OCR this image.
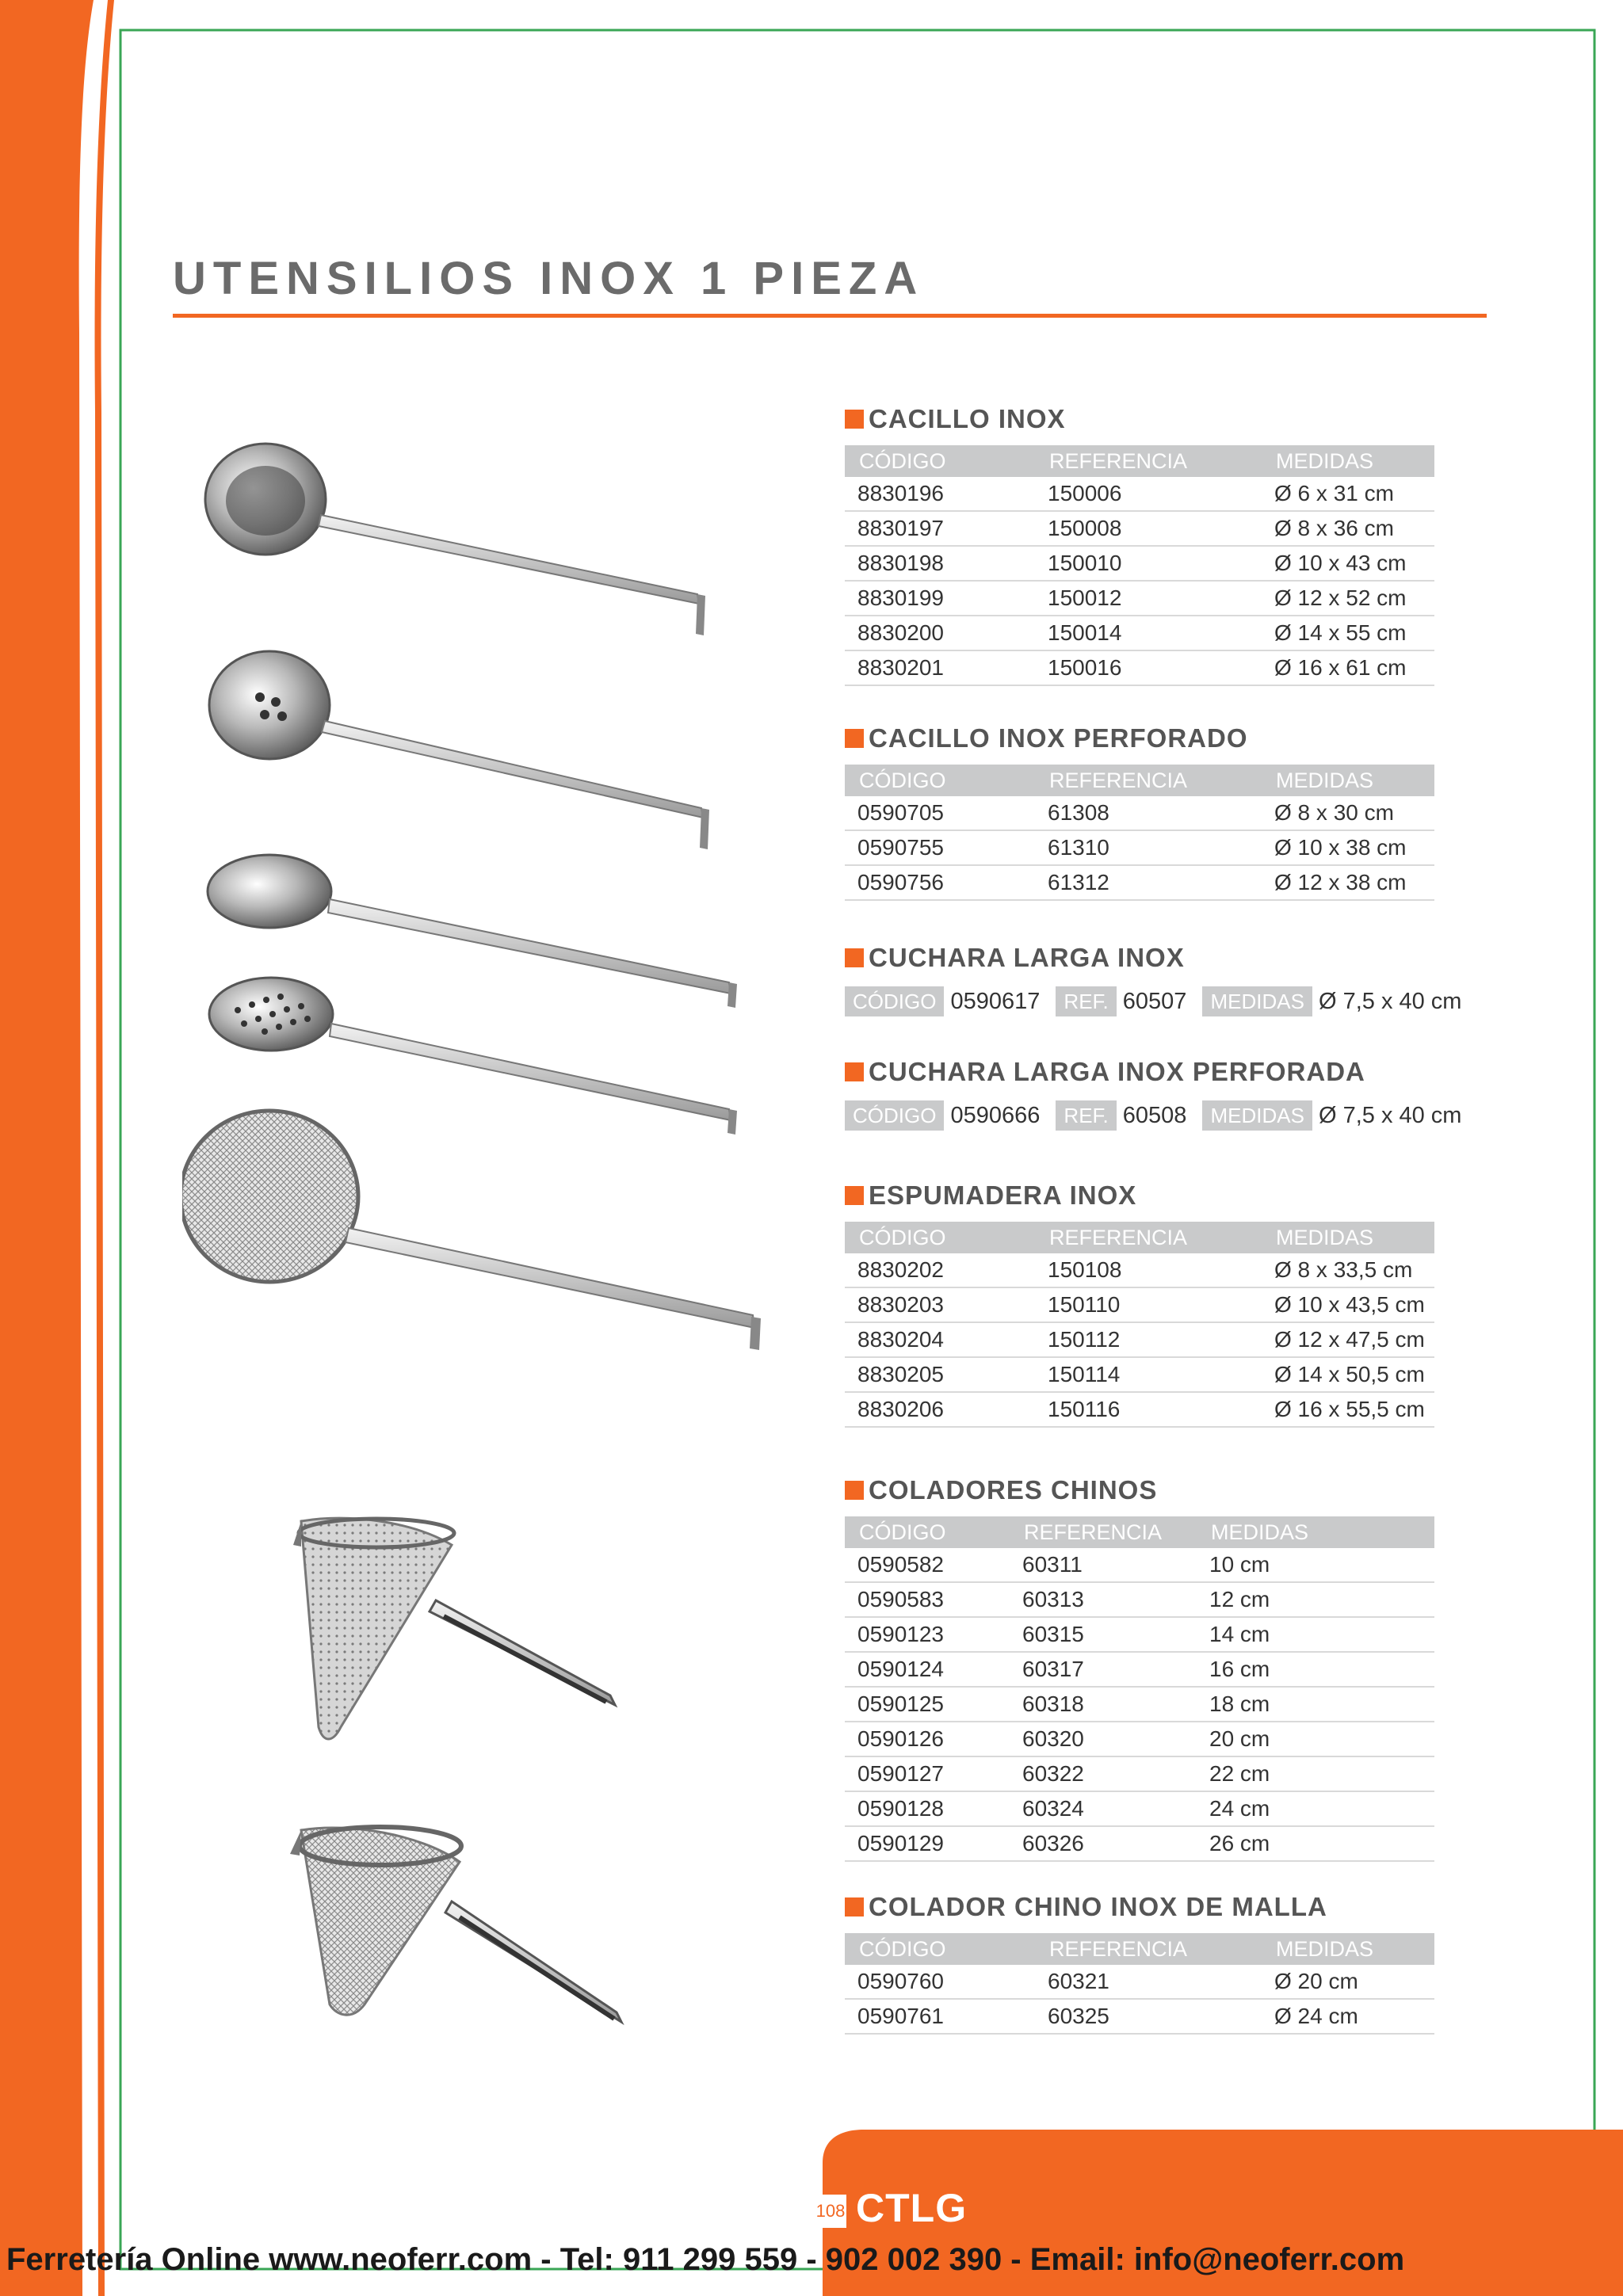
UTENSILIOS INOX 1 PIEZA
CACILLO INOX
CÓDIGO	REFERENCIA	MEDIDAS
8830196	150006	Ø 6 x 31 cm
8830197	150008	Ø 8 x 36 cm
8830198	150010	Ø 10 x 43 cm
8830199	150012	Ø 12 x 52 cm
8830200	150014	Ø 14 x 55 cm
8830201	150016	Ø 16 x 61 cm
CACILLO INOX PERFORADO
CÓDIGO	REFERENCIA	MEDIDAS
0590705	61308	Ø 8 x 30 cm
0590755	61310	Ø 10 x 38 cm
0590756	61312	Ø 12 x 38 cm
CUCHARA LARGA INOX
CÓDIGO 0590617 REF. 60507 MEDIDAS Ø 7,5 x 40 cm
CUCHARA LARGA INOX PERFORADA
CÓDIGO 0590666 REF. 60508 MEDIDAS Ø 7,5 x 40 cm
ESPUMADERA INOX
CÓDIGO	REFERENCIA	MEDIDAS
8830202	150108	Ø 8 x 33,5 cm
8830203	150110	Ø 10 x 43,5 cm
8830204	150112	Ø 12 x 47,5 cm
8830205	150114	Ø 14 x 50,5 cm
8830206	150116	Ø 16 x 55,5 cm
COLADORES CHINOS
CÓDIGO	REFERENCIA	MEDIDAS
0590582	60311	10 cm
0590583	60313	12 cm
0590123	60315	14 cm
0590124	60317	16 cm
0590125	60318	18 cm
0590126	60320	20 cm
0590127	60322	22 cm
0590128	60324	24 cm
0590129	60326	26 cm
COLADOR CHINO INOX DE MALLA
CÓDIGO	REFERENCIA	MEDIDAS
0590760	60321	Ø 20 cm
0590761	60325	Ø 24 cm
108 CTLG
Ferretería Online www.neoferr.com - Tel: 911 299 559 - 902 002 390 - Email: info@neoferr.com
